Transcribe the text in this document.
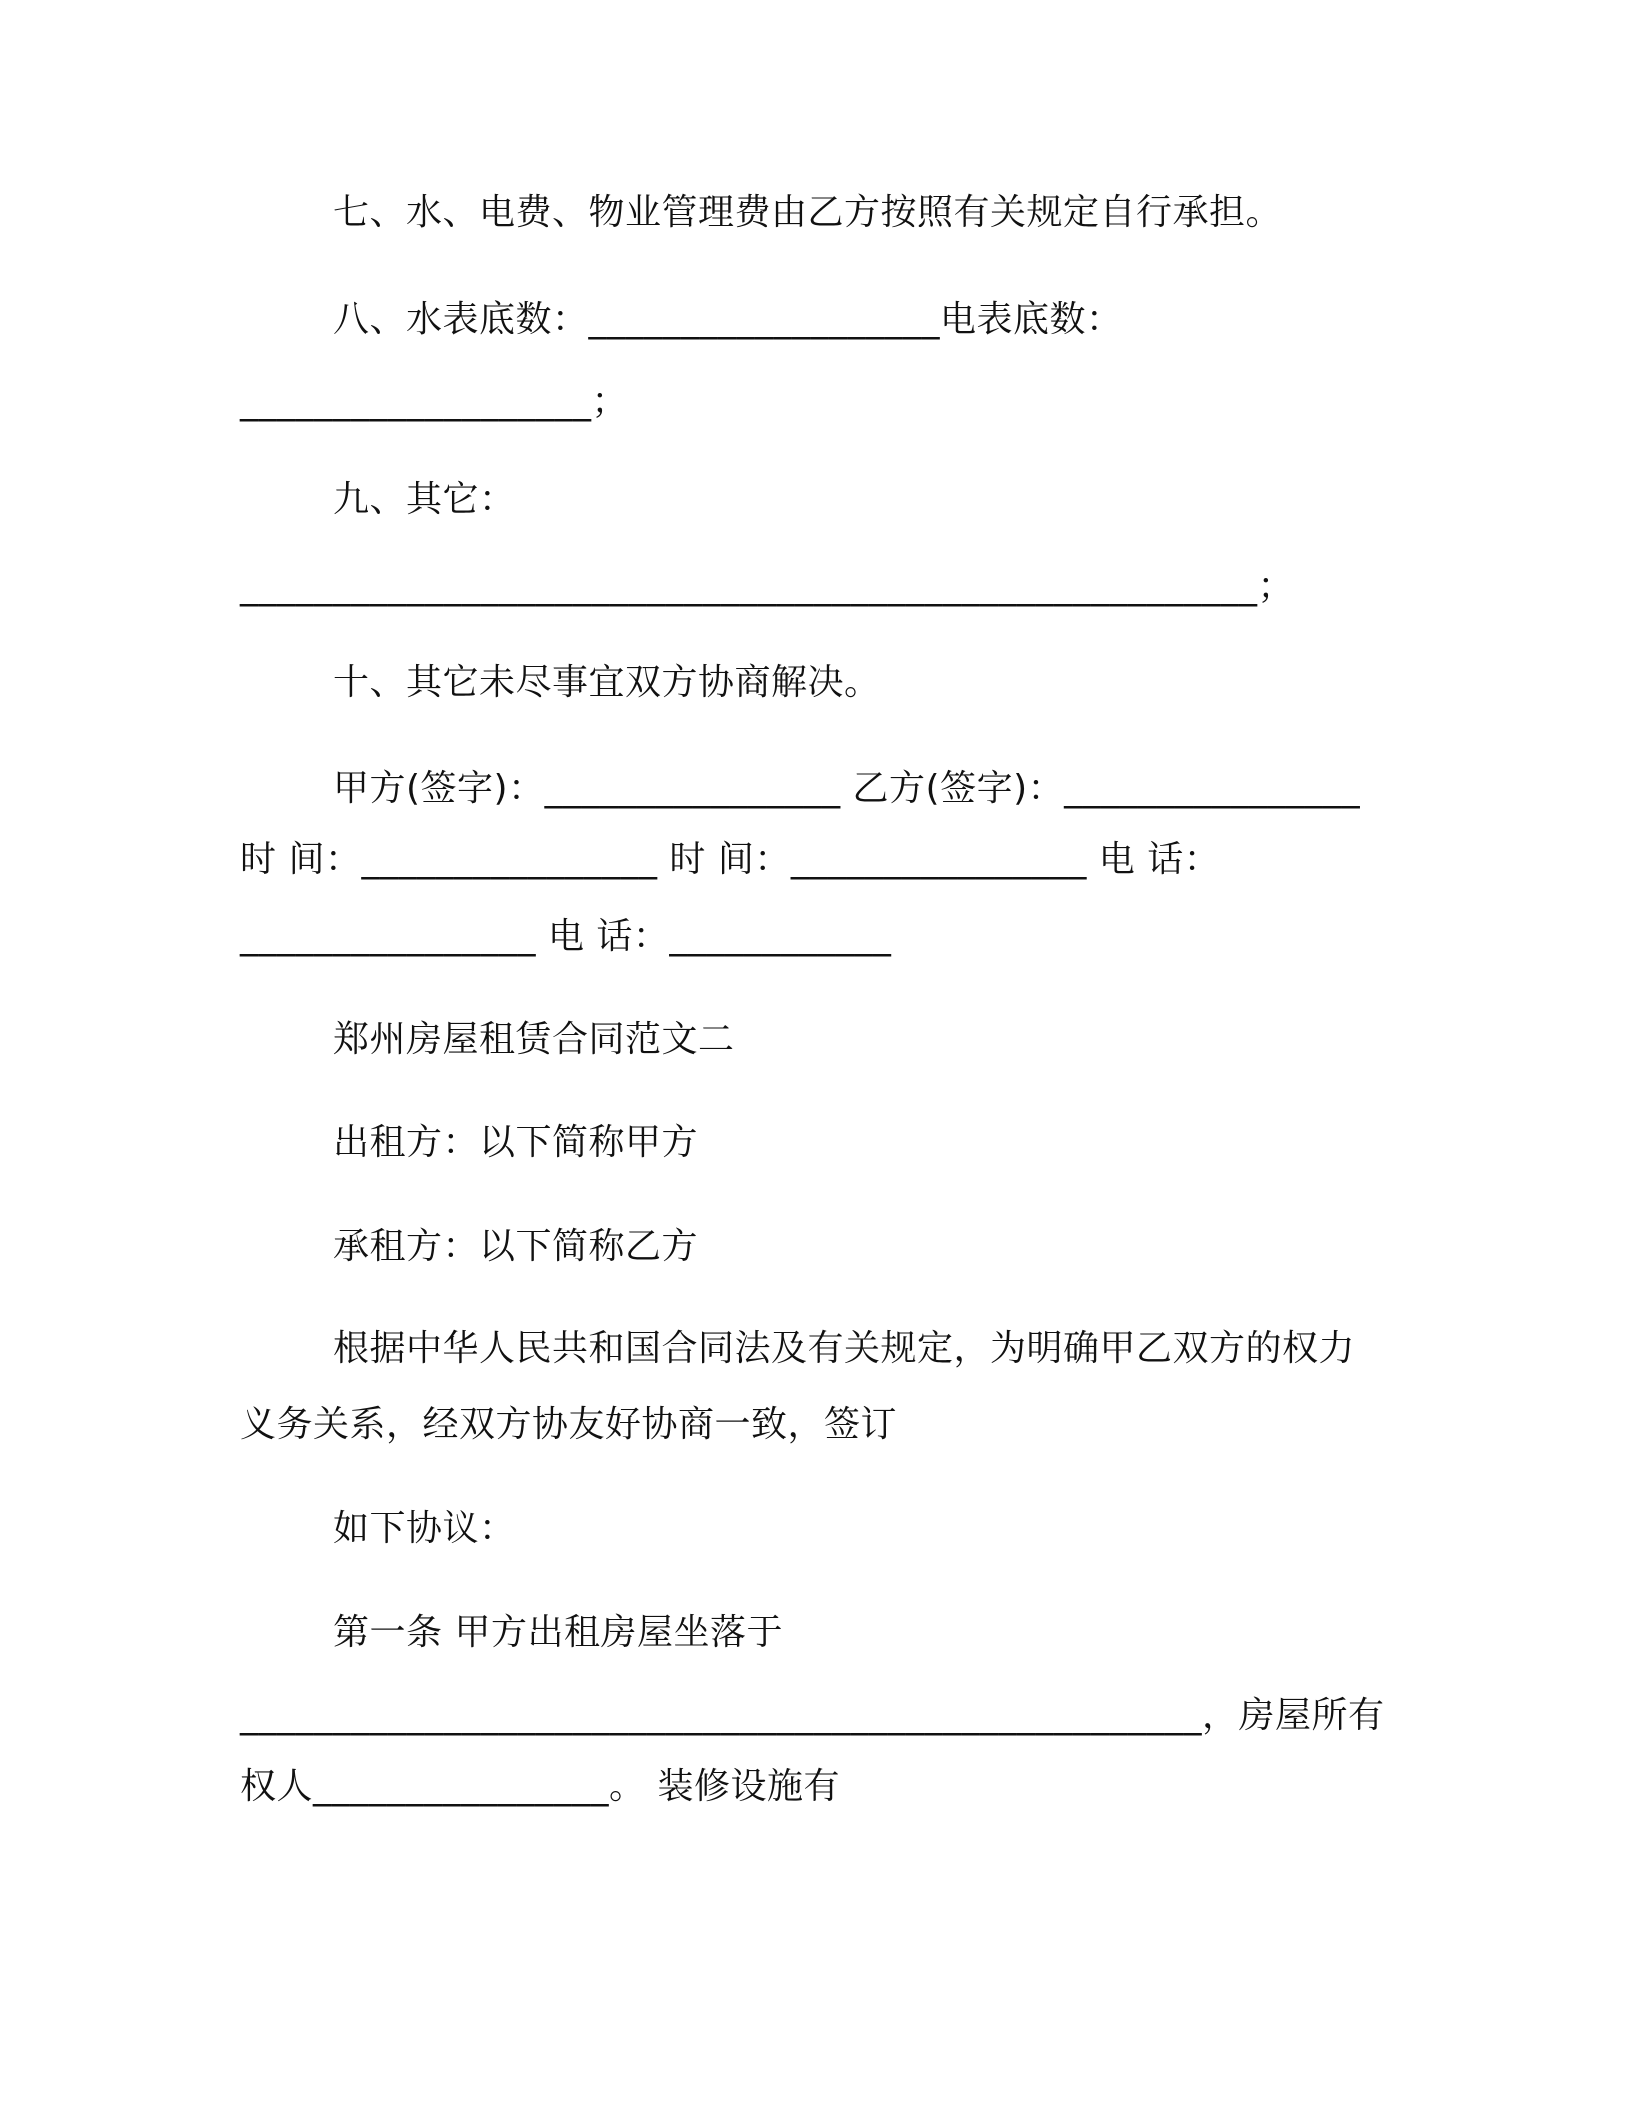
七、水、电费、物业管理费由乙方按照有关规定自行承担。
八、水表底数：___________________电表底数：
___________________；
九、其它：
_______________________________________________________；
十、其它未尽事宜双方协商解决。
甲方(签字)：________________ 乙方(签字)：________________
时 间：________________ 时 间：________________ 电 话：
________________ 电 话：____________
郑州房屋租赁合同范文二
出租方：以下简称甲方
承租方：以下简称乙方
根据中华人民共和国合同法及有关规定，为明确甲乙双方的权力
义务关系，经双方协友好协商一致，签订
如下协议：
第一条 甲方出租房屋坐落于
____________________________________________________，房屋所有
权人________________。 装修设施有
